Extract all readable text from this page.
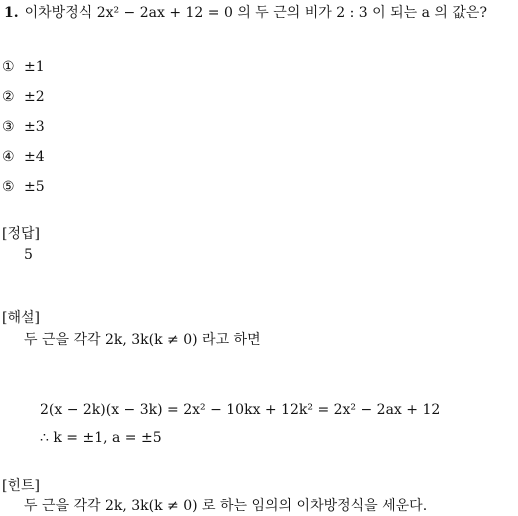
1. 이차방정식 2x² − 2ax + 12 = 0 의 두 근의 비가 2 : 3 이 되는 a 의 값은?
① ±1
② ±2
③ ±3
④ ±4
⑤ ±5
[정답]
5
[해설]
두 근을 각각 2k, 3k(k ≠ 0) 라고 하면
2(x − 2k)(x − 3k) = 2x² − 10kx + 12k² = 2x² − 2ax + 12
∴ k = ±1, a = ±5
[힌트]
두 근을 각각 2k, 3k(k ≠ 0) 로 하는 임의의 이차방정식을 세운다.
